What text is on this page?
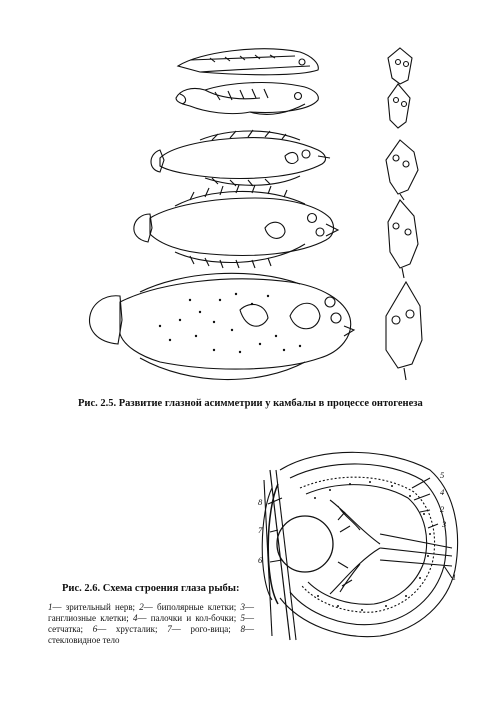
Рис. 2.5. Развитие глазной асимметрии у камбалы в процессе онтогенеза
8
7
6
5
4
2
3
1
Рис. 2.6. Схема строения глаза рыбы:
1— зрительный нерв; 2— биполярные клетки; 3— ганглиозные клетки; 4— палочки и кол-бочки; 5— сетчатка; 6— хрусталик; 7— рого-вица; 8— стекловидное тело
